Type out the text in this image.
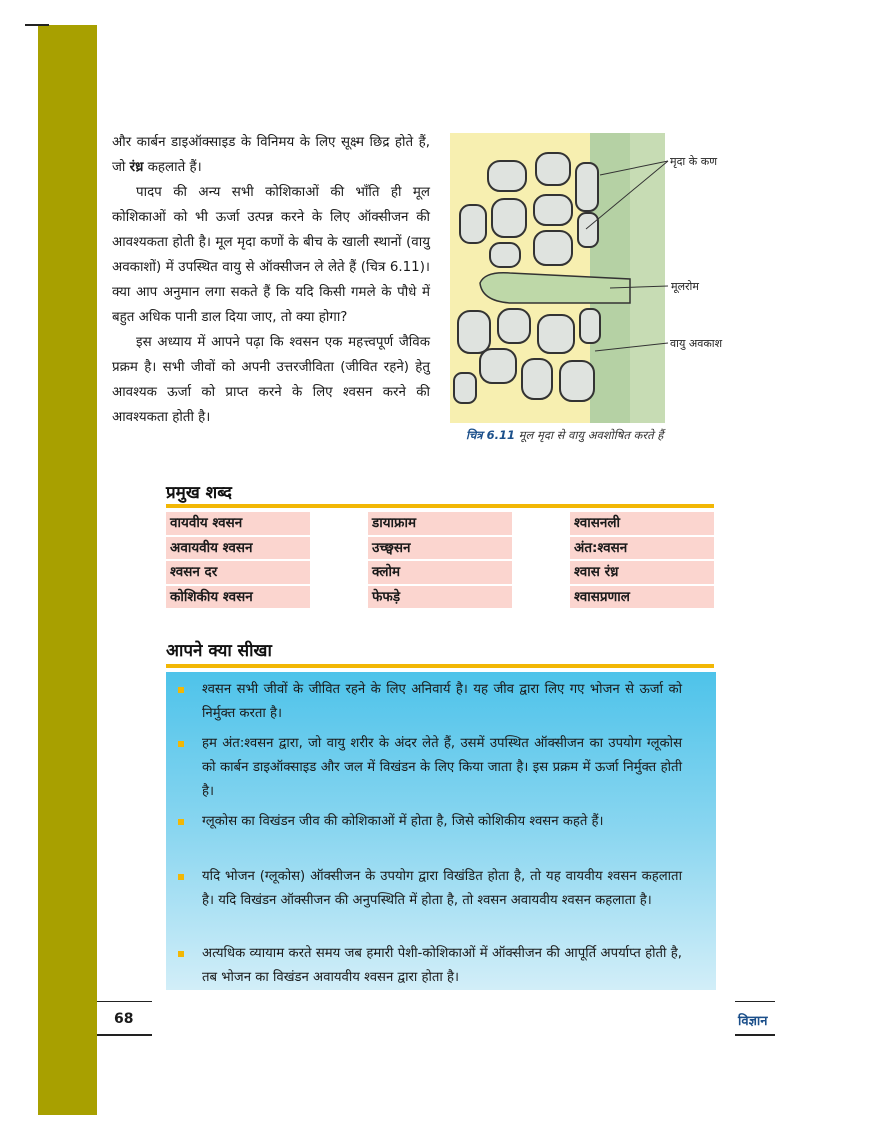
और कार्बन डाइऑक्साइड के विनिमय के लिए सूक्ष्म छिद्र होते हैं, जो रंध्र कहलाते हैं।

पादप की अन्य सभी कोशिकाओं की भाँति ही मूल कोशिकाओं को भी ऊर्जा उत्पन्न करने के लिए ऑक्सीजन की आवश्यकता होती है। मूल मृदा कणों के बीच के खाली स्थानों (वायु अवकाशों) में उपस्थित वायु से ऑक्सीजन ले लेते हैं (चित्र 6.11)। क्या आप अनुमान लगा सकते हैं कि यदि किसी गमले के पौधे में बहुत अधिक पानी डाल दिया जाए, तो क्या होगा?

इस अध्याय में आपने पढ़ा कि श्वसन एक महत्त्वपूर्ण जैविक प्रक्रम है। सभी जीवों को अपनी उत्तरजीविता (जीवित रहने) हेतु आवश्यक ऊर्जा को प्राप्त करने के लिए श्वसन करने की आवश्यकता होती है।

मृदा के कण
मूलरोम
वायु अवकाश
चित्र 6.11 मूल मृदा से वायु अवशोषित करते हैं
प्रमुख शब्द
वायवीय श्वसन	डायाफ्राम	श्वासनली
अवायवीय श्वसन	उच्छ्वसन	अंत:श्वसन
श्वसन दर	क्लोम	श्वास रंध्र
कोशिकीय श्वसन	फेफड़े	श्वासप्रणाल
आपने क्या सीखा
श्वसन सभी जीवों के जीवित रहने के लिए अनिवार्य है। यह जीव द्वारा लिए गए भोजन से ऊर्जा को निर्मुक्त करता है।
हम अंत:श्वसन द्वारा, जो वायु शरीर के अंदर लेते हैं, उसमें उपस्थित ऑक्सीजन का उपयोग ग्लूकोस को कार्बन डाइऑक्साइड और जल में विखंडन के लिए किया जाता है। इस प्रक्रम में ऊर्जा निर्मुक्त होती है।
ग्लूकोस का विखंडन जीव की कोशिकाओं में होता है, जिसे कोशिकीय श्वसन कहते हैं।
यदि भोजन (ग्लूकोस) ऑक्सीजन के उपयोग द्वारा विखंडित होता है, तो यह वायवीय श्वसन कहलाता है। यदि विखंडन ऑक्सीजन की अनुपस्थिति में होता है, तो श्वसन अवायवीय श्वसन कहलाता है।
अत्यधिक व्यायाम करते समय जब हमारी पेशी-कोशिकाओं में ऑक्सीजन की आपूर्ति अपर्याप्त होती है, तब भोजन का विखंडन अवायवीय श्वसन द्वारा होता है।
68	विज्ञान
